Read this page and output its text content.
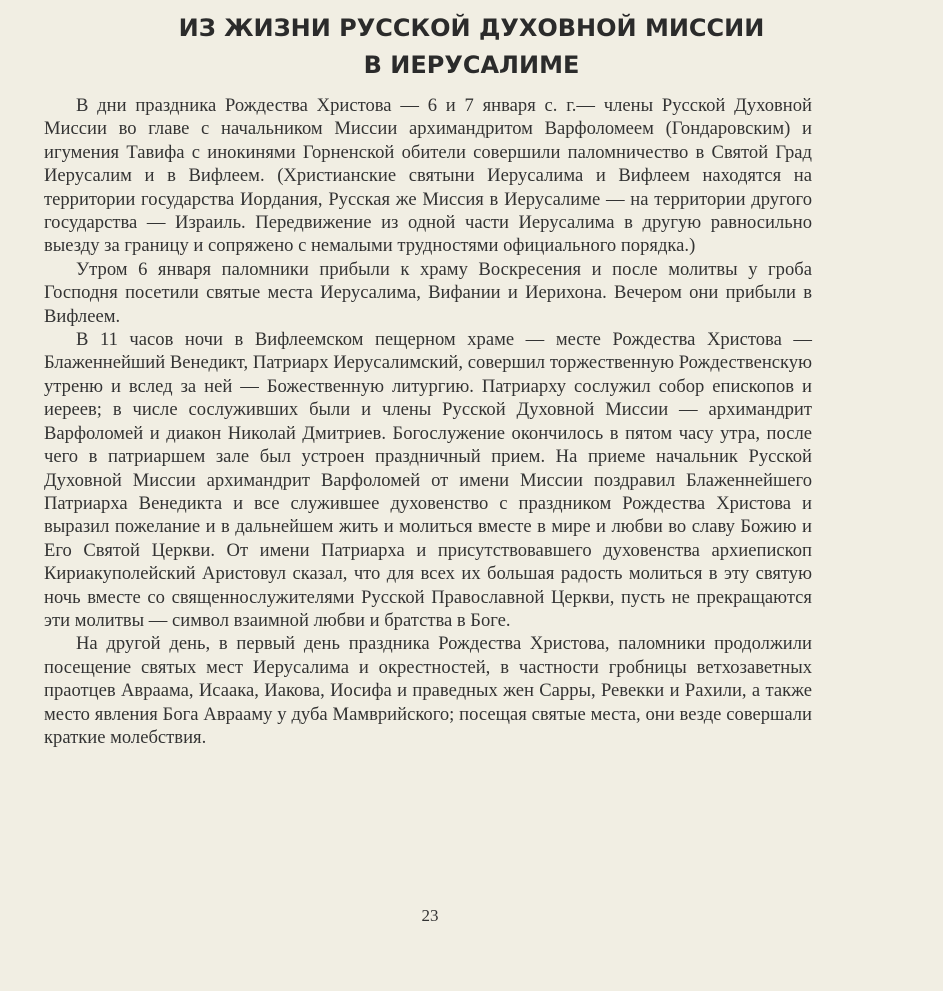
ИЗ ЖИЗНИ РУССКОЙ ДУХОВНОЙ МИССИИ
В ИЕРУСАЛИМЕ

В дни праздника Рождества Христова — 6 и 7 января с. г.— члены Русской Духовной Миссии во главе с начальником Миссии архимандритом Варфоломеем (Гондаровским) и игумения Тавифа с инокинями Горненской обители совершили паломничество в Святой Град Иерусалим и в Вифлеем. (Христианские святыни Иерусалима и Вифлеем находятся на территории государства Иордания, Русская же Миссия в Иерусалиме — на территории другого государства — Израиль. Передвижение из одной части Иерусалима в другую равносильно выезду за границу и сопряжено с немалыми трудностями официального порядка.)

Утром 6 января паломники прибыли к храму Воскресения и после молитвы у гроба Господня посетили святые места Иерусалима, Вифании и Иерихона. Вечером они прибыли в Вифлеем.

В 11 часов ночи в Вифлеемском пещерном храме — месте Рождества Христова — Блаженнейший Венедикт, Патриарх Иерусалимский, совершил торжественную Рождественскую утреню и вслед за ней — Божественную литургию. Патриарху сослужил собор епископов и иереев; в числе сослуживших были и члены Русской Духовной Миссии — архимандрит Варфоломей и диакон Николай Дмитриев. Богослужение окончилось в пятом часу утра, после чего в патриаршем зале был устроен праздничный прием. На приеме начальник Русской Духовной Миссии архимандрит Варфоломей от имени Миссии поздравил Блаженнейшего Патриарха Венедикта и все служившее духовенство с праздником Рождества Христова и выразил пожелание и в дальнейшем жить и молиться вместе в мире и любви во славу Божию и Его Святой Церкви. От имени Патриарха и присутствовавшего духовенства архиепископ Кириакуполейский Аристовул сказал, что для всех их большая радость молиться в эту святую ночь вместе со священнослужителями Русской Православной Церкви, пусть не прекращаются эти молитвы — символ взаимной любви и братства в Боге.

На другой день, в первый день праздника Рождества Христова, паломники продолжили посещение святых мест Иерусалима и окрестностей, в частности гробницы ветхозаветных праотцев Авраама, Исаака, Иакова, Иосифа и праведных жен Сарры, Ревекки и Рахили, а также место явления Бога Аврааму у дуба Мамврийского; посещая святые места, они везде совершали краткие молебствия.

23
